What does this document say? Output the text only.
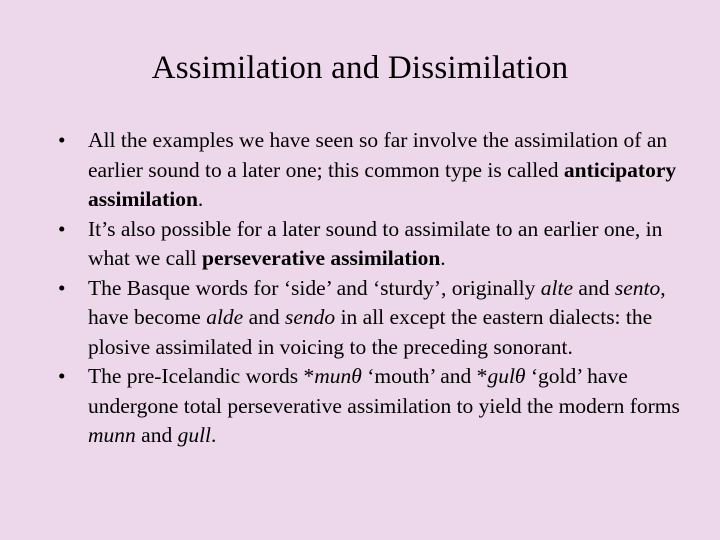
Assimilation and Dissimilation
• All the examples we have seen so far involve the assimilation of an earlier sound to a later one; this common type is called anticipatory assimilation.
• It’s also possible for a later sound to assimilate to an earlier one, in what we call perseverative assimilation.
• The Basque words for ‘side’ and ‘sturdy’, originally alte and sento, have become alde and sendo in all except the eastern dialects: the plosive assimilated in voicing to the preceding sonorant.
• The pre-Icelandic words *munθ ‘mouth’ and *gulθ ‘gold’ have undergone total perseverative assimilation to yield the modern forms munn and gull.
